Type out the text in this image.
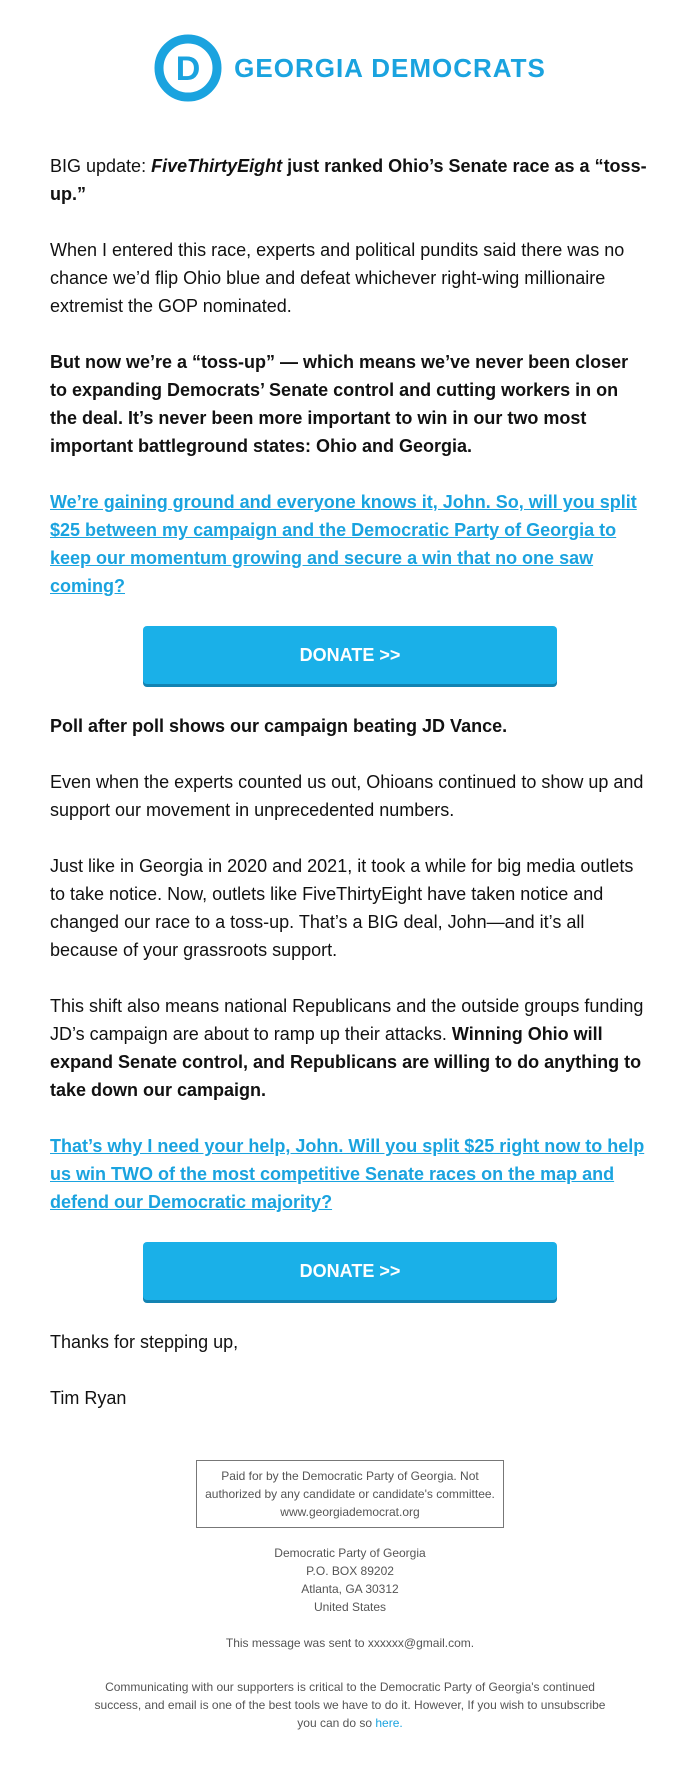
D GEORGIA DEMOCRATS

BIG update: FiveThirtyEight just ranked Ohio’s Senate race as a “toss-up.”

When I entered this race, experts and political pundits said there was no chance we’d flip Ohio blue and defeat whichever right-wing millionaire extremist the GOP nominated.

But now we’re a “toss-up” — which means we’ve never been closer to expanding Democrats’ Senate control and cutting workers in on the deal. It’s never been more important to win in our two most important battleground states: Ohio and Georgia.

We’re gaining ground and everyone knows it, John. So, will you split $25 between my campaign and the Democratic Party of Georgia to keep our momentum growing and secure a win that no one saw coming?

DONATE >>

Poll after poll shows our campaign beating JD Vance.

Even when the experts counted us out, Ohioans continued to show up and support our movement in unprecedented numbers.

Just like in Georgia in 2020 and 2021, it took a while for big media outlets to take notice. Now, outlets like FiveThirtyEight have taken notice and changed our race to a toss-up. That’s a BIG deal, John—and it’s all because of your grassroots support.

This shift also means national Republicans and the outside groups funding JD’s campaign are about to ramp up their attacks. Winning Ohio will expand Senate control, and Republicans are willing to do anything to take down our campaign.

That’s why I need your help, John. Will you split $25 right now to help us win TWO of the most competitive Senate races on the map and defend our Democratic majority?

DONATE >>

Thanks for stepping up,

Tim Ryan

Paid for by the Democratic Party of Georgia. Not
authorized by any candidate or candidate's committee.
www.georgiademocrat.org
Democratic Party of Georgia
P.O. BOX 89202
Atlanta, GA 30312
United States
This message was sent to xxxxxx@gmail.com.
Communicating with our supporters is critical to the Democratic Party of Georgia's continued success, and email is one of the best tools we have to do it. However, If you wish to unsubscribe you can do so here.
